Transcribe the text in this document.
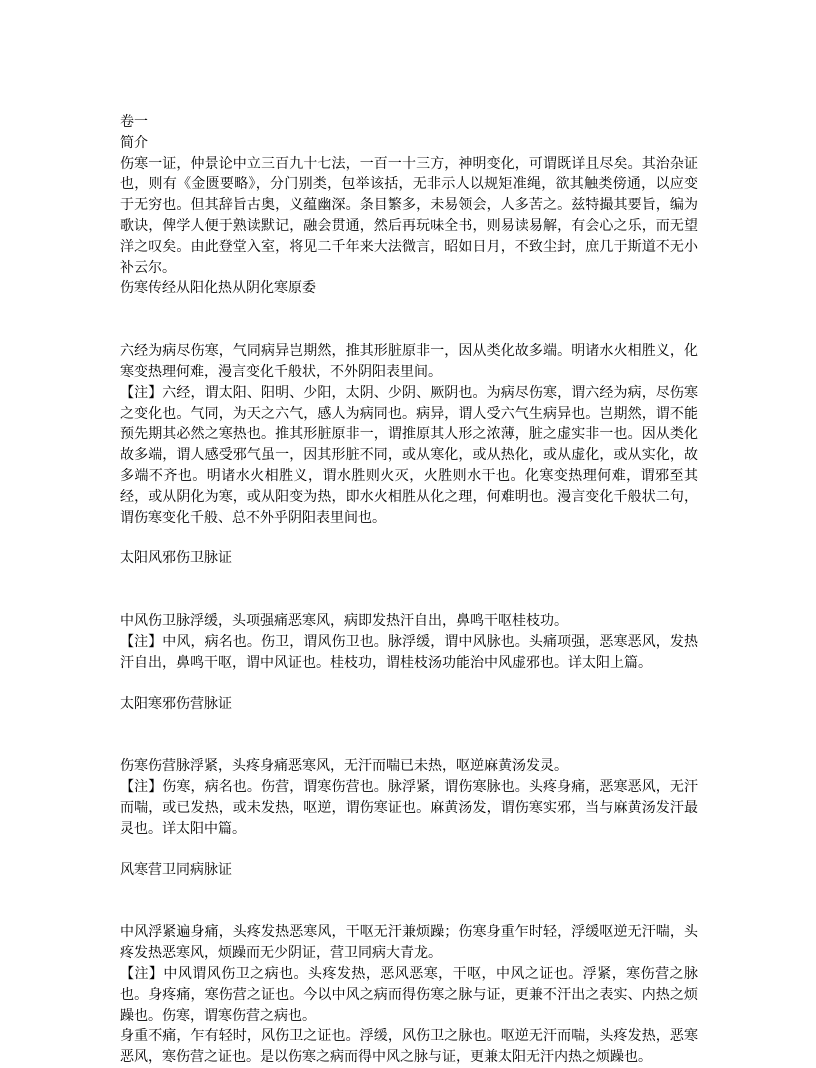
卷一
简介

伤寒一证，仲景论中立三百九十七法，一百一十三方，神明变化，可谓既详且尽矣。其治杂证也，则有《金匮要略》，分门别类，包举该括，无非示人以规矩准绳，欲其触类傍通，以应变于无穷也。但其辞旨古奥，义蕴幽深。条目繁多，未易领会，人多苦之。兹特撮其要旨，编为歌诀，俾学人便于熟读默记，融会贯通，然后再玩味全书，则易读易解，有会心之乐，而无望洋之叹矣。由此登堂入室，将见二千年来大法微言，昭如日月，不致尘封，庶几于斯道不无小补云尔。

伤寒传经从阳化热从阴化寒原委

六经为病尽伤寒，气同病异岂期然，推其形脏原非一，因从类化故多端。明诸水火相胜义，化寒变热理何难，漫言变化千般状，不外阴阳表里间。

【注】六经，谓太阳、阳明、少阳，太阴、少阴、厥阴也。为病尽伤寒，谓六经为病，尽伤寒之变化也。气同，为天之六气，感人为病同也。病异，谓人受六气生病异也。岂期然，谓不能预先期其必然之寒热也。推其形脏原非一，谓推原其人形之浓薄，脏之虚实非一也。因从类化故多端，谓人感受邪气虽一，因其形脏不同，或从寒化，或从热化，或从虚化，或从实化，故多端不齐也。明诸水火相胜义，谓水胜则火灭，火胜则水干也。化寒变热理何难，谓邪至其经，或从阴化为寒，或从阳变为热，即水火相胜从化之理，何难明也。漫言变化千般状二句，谓伤寒变化千般、总不外乎阴阳表里间也。

太阳风邪伤卫脉证

中风伤卫脉浮缓，头项强痛恶寒风，病即发热汗自出，鼻鸣干呕桂枝功。

【注】中风，病名也。伤卫，谓风伤卫也。脉浮缓，谓中风脉也。头痛项强，恶寒恶风，发热汗自出，鼻鸣干呕，谓中风证也。桂枝功，谓桂枝汤功能治中风虚邪也。详太阳上篇。

太阳寒邪伤营脉证

伤寒伤营脉浮紧，头疼身痛恶寒风，无汗而喘已未热，呕逆麻黄汤发灵。

【注】伤寒，病名也。伤营，谓寒伤营也。脉浮紧，谓伤寒脉也。头疼身痛，恶寒恶风，无汗而喘，或已发热，或未发热，呕逆，谓伤寒证也。麻黄汤发，谓伤寒实邪，当与麻黄汤发汗最灵也。详太阳中篇。

风寒营卫同病脉证

中风浮紧遍身痛，头疼发热恶寒风，干呕无汗兼烦躁；伤寒身重乍时轻，浮缓呕逆无汗喘，头疼发热恶寒风，烦躁而无少阴证，营卫同病大青龙。

【注】中风谓风伤卫之病也。头疼发热，恶风恶寒，干呕，中风之证也。浮紧，寒伤营之脉也。身疼痛，寒伤营之证也。今以中风之病而得伤寒之脉与证，更兼不汗出之表实、内热之烦躁也。伤寒，谓寒伤营之病也。

身重不痛，乍有轻时，风伤卫之证也。浮缓，风伤卫之脉也。呕逆无汗而喘，头疼发热，恶寒恶风，寒伤营之证也。是以伤寒之病而得中风之脉与证，更兼太阳无汗内热之烦躁也。
